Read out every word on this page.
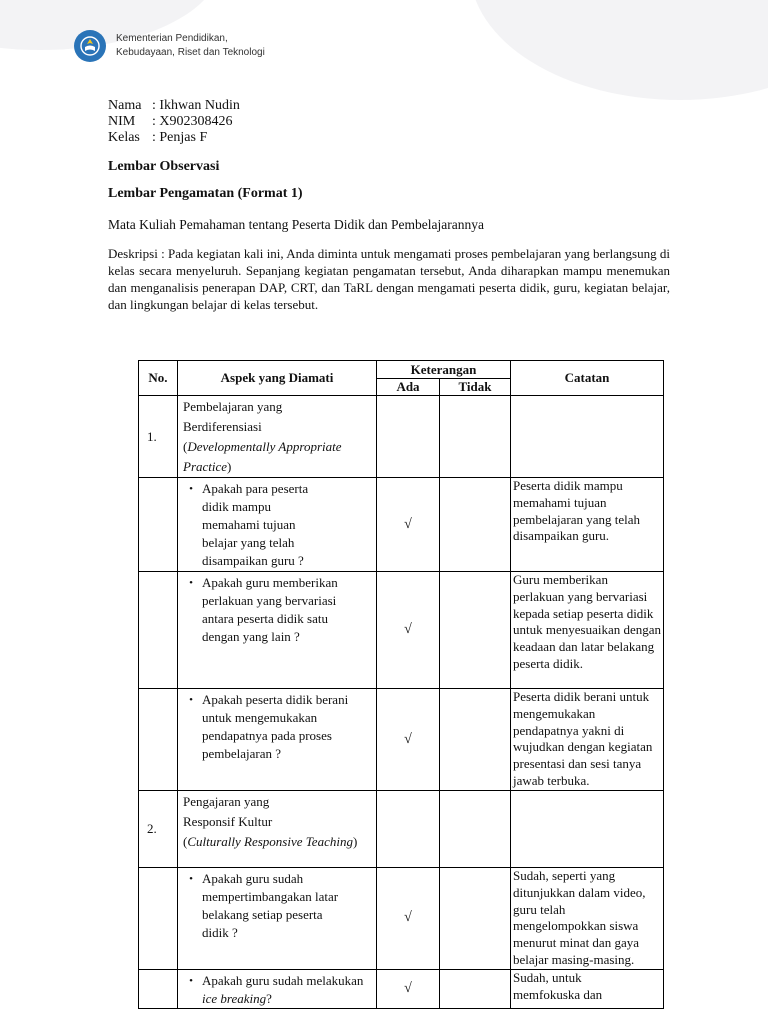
Kementerian Pendidikan,
Kebudayaan, Riset dan Teknologi
Nama : Ikhwan Nudin
NIM	: X902308426
Kelas : Penjas F
Lembar Observasi
Lembar Pengamatan (Format 1)
Mata Kuliah Pemahaman tentang Peserta Didik dan Pembelajarannya
Deskripsi : Pada kegiatan kali ini, Anda diminta untuk mengamati proses pembelajaran yang berlangsung di kelas secara menyeluruh. Sepanjang kegiatan pengamatan tersebut, Anda diharapkan mampu menemukan dan menganalisis penerapan DAP, CRT, dan TaRL dengan mengamati peserta didik, guru, kegiatan belajar, dan lingkungan belajar di kelas tersebut.
No.	Aspek yang Diamati	Keterangan		Catatan
		Ada	Tidak	
1.	Pembelajaran yang
Berdiferensiasi
(Developmentally Appropriate Practice)			

	• Apakah para peserta didik mampu memahami tujuan belajar yang telah disampaikan guru ?	√		Peserta didik mampu memahami tujuan pembelajaran yang telah disampaikan guru.

	• Apakah guru memberikan perlakuan yang bervariasi antara peserta didik satu dengan yang lain ?	√		Guru memberikan perlakuan yang bervariasi kepada setiap peserta didik untuk menyesuaikan dengan keadaan dan latar belakang peserta didik.

	• Apakah peserta didik berani untuk mengemukakan pendapatnya pada proses pembelajaran ?	√		Peserta didik berani untuk mengemukakan pendapatnya yakni di wujudkan dengan kegiatan presentasi dan sesi tanya jawab terbuka.

2.	Pengajaran yang
Responsif Kultur
(Culturally Responsive Teaching)			

	• Apakah guru sudah mempertimbangakan latar belakang setiap peserta didik ?	√		Sudah, seperti yang ditunjukkan dalam video, guru telah mengelompokkan siswa menurut minat dan gaya belajar masing-masing.

	• Apakah guru sudah melakukan ice breaking?	√		Sudah, untuk memfokuska dan
